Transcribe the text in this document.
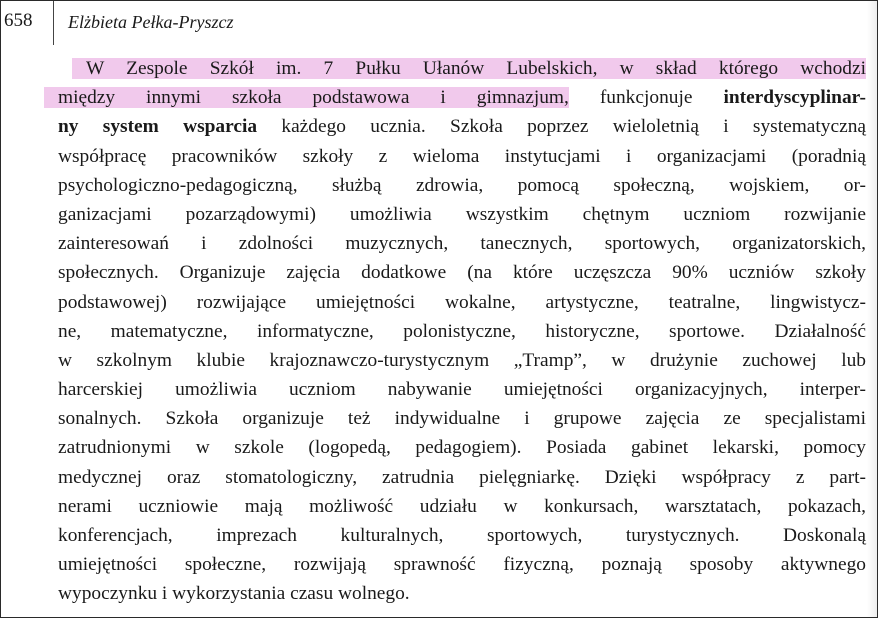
658 Elżbieta Pełka-Pryszcz
W Zespole Szkół im. 7 Pułku Ułanów Lubelskich, w skład którego wchodzi
między innymi szkoła podstawowa i gimnazjum, funkcjonuje interdyscyplinar-
ny system wsparcia każdego ucznia. Szkoła poprzez wieloletnią i systematyczną
współpracę pracowników szkoły z wieloma instytucjami i organizacjami (poradnią
psychologiczno-pedagogiczną, służbą zdrowia, pomocą społeczną, wojskiem, or-
ganizacjami pozarządowymi) umożliwia wszystkim chętnym uczniom rozwijanie
zainteresowań i zdolności muzycznych, tanecznych, sportowych, organizatorskich,
społecznych. Organizuje zajęcia dodatkowe (na które uczęszcza 90% uczniów szkoły
podstawowej) rozwijające umiejętności wokalne, artystyczne, teatralne, lingwistycz-
ne, matematyczne, informatyczne, polonistyczne, historyczne, sportowe. Działalność
w szkolnym klubie krajoznawczo-turystycznym „Tramp”, w drużynie zuchowej lub
harcerskiej umożliwia uczniom nabywanie umiejętności organizacyjnych, interper-
sonalnych. Szkoła organizuje też indywidualne i grupowe zajęcia ze specjalistami
zatrudnionymi w szkole (logopedą, pedagogiem). Posiada gabinet lekarski, pomocy
medycznej oraz stomatologiczny, zatrudnia pielęgniarkę. Dzięki współpracy z part-
nerami uczniowie mają możliwość udziału w konkursach, warsztatach, pokazach,
konferencjach, imprezach kulturalnych, sportowych, turystycznych. Doskonalą
umiejętności społeczne, rozwijają sprawność fizyczną, poznają sposoby aktywnego
wypoczynku i wykorzystania czasu wolnego.
